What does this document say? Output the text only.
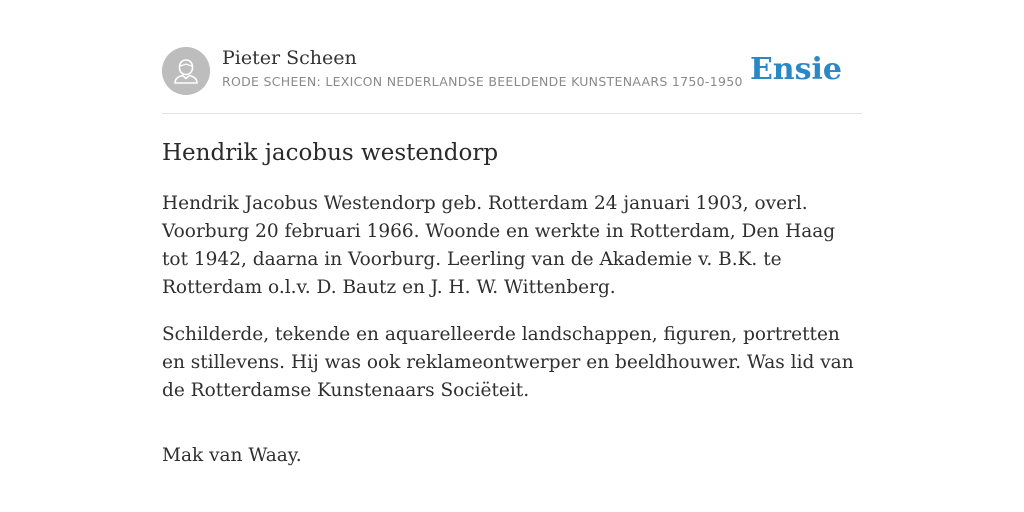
Pieter Scheen
RODE SCHEEN: LEXICON NEDERLANDSE BEELDENDE KUNSTENAARS 1750-1950 Ensie
Hendrik jacobus westendorp

Hendrik Jacobus Westendorp geb. Rotterdam 24 januari 1903, overl. Voorburg 20 februari 1966. Woonde en werkte in Rotterdam, Den Haag tot 1942, daarna in Voorburg. Leerling van de Akademie v. B.K. te Rotterdam o.l.v. D. Bautz en J. H. W. Wittenberg.

Schilderde, tekende en aquarelleerde landschappen, figuren, portretten en stillevens. Hij was ook reklameontwerper en beeldhouwer. Was lid van de Rotterdamse Kunstenaars Sociëteit.

Mak van Waay.
